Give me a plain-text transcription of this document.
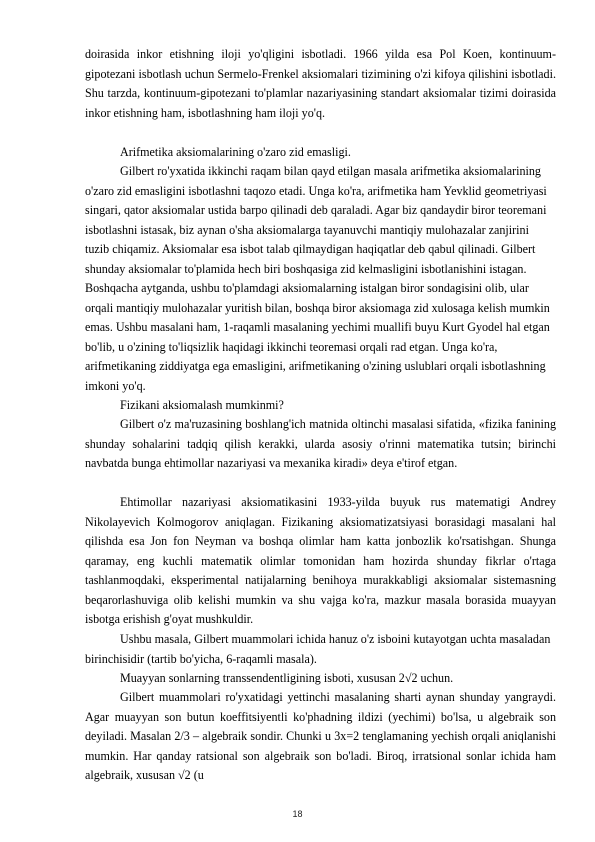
doirasida inkor etishning iloji yo'qligini isbotladi. 1966 yilda esa Pol Koen, kontinuum-gipotezani isbotlash uchun Sermelo-Frenkel aksiomalari tizimining o'zi kifoya qilishini isbotladi. Shu tarzda, kontinuum-gipotezani to'plamlar nazariyasining standart aksiomalar tizimi doirasida inkor etishning ham, isbotlashning ham iloji yo'q.

Arifmetika aksiomalarining o'zaro zid emasligi.

Gilbert ro'yxatida ikkinchi raqam bilan qayd etilgan masala arifmetika aksiomalarining o'zaro zid emasligini isbotlashni taqozo etadi. Unga ko'ra, arifmetika ham Yevklid geometriyasi singari, qator aksiomalar ustida barpo qilinadi deb qaraladi. Agar biz qandaydir biror teoremani isbotlashni istasak, biz aynan o'sha aksiomalarga tayanuvchi mantiqiy mulohazalar zanjirini tuzib chiqamiz. Aksiomalar esa isbot talab qilmaydigan haqiqatlar deb qabul qilinadi. Gilbert shunday aksiomalar to'plamida hech biri boshqasiga zid kelmasligini isbotlanishini istagan. Boshqacha aytganda, ushbu to'plamdagi aksiomalarning istalgan biror sondagisini olib, ular orqali mantiqiy mulohazalar yuritish bilan, boshqa biror aksiomaga zid xulosaga kelish mumkin emas. Ushbu masalani ham, 1-raqamli masalaning yechimi muallifi buyu Kurt Gyodel hal etgan bo'lib, u o'zining to'liqsizlik haqidagi ikkinchi teoremasi orqali rad etgan. Unga ko'ra, arifmetikaning ziddiyatga ega emasligini, arifmetikaning o'zining uslublari orqali isbotlashning imkoni yo'q.

Fizikani aksiomalash mumkinmi?

Gilbert o'z ma'ruzasining boshlang'ich matnida oltinchi masalasi sifatida, «fizika fanining shunday sohalarini tadqiq qilish kerakki, ularda asosiy o'rinni matematika tutsin; birinchi navbatda bunga ehtimollar nazariyasi va mexanika kiradi» deya e'tirof etgan.

Ehtimollar nazariyasi aksiomatikasini 1933-yilda buyuk rus matematigi Andrey Nikolayevich Kolmogorov aniqlagan. Fizikaning aksiomatizatsiyasi borasidagi masalani hal qilishda esa Jon fon Neyman va boshqa olimlar ham katta jonbozlik ko'rsatishgan. Shunga qaramay, eng kuchli matematik olimlar tomonidan ham hozirda shunday fikrlar o'rtaga tashlanmoqdaki, eksperimental natijalarning benihoya murakkabligi aksiomalar sistemasning beqarorlashuviga olib kelishi mumkin va shu vajga ko'ra, mazkur masala borasida muayyan isbotga erishish g'oyat mushkuldir.

Ushbu masala, Gilbert muammolari ichida hanuz o'z isboini kutayotgan uchta masaladan birinchisidir (tartib bo'yicha, 6-raqamli masala).

Muayyan sonlarning transsendentligining isboti, xususan 2√2 uchun.

Gilbert muammolari ro'yxatidagi yettinchi masalaning sharti aynan shunday yangraydi. Agar muayyan son butun koeffitsiyentli ko'phadning ildizi (yechimi) bo'lsa, u algebraik son deyiladi. Masalan 2/3 – algebraik sondir. Chunki u 3x=2 tenglamaning yechish orqali aniqlanishi mumkin. Har qanday ratsional son algebraik son bo'ladi. Biroq, irratsional sonlar ichida ham algebraik, xususan √2 (u

18
